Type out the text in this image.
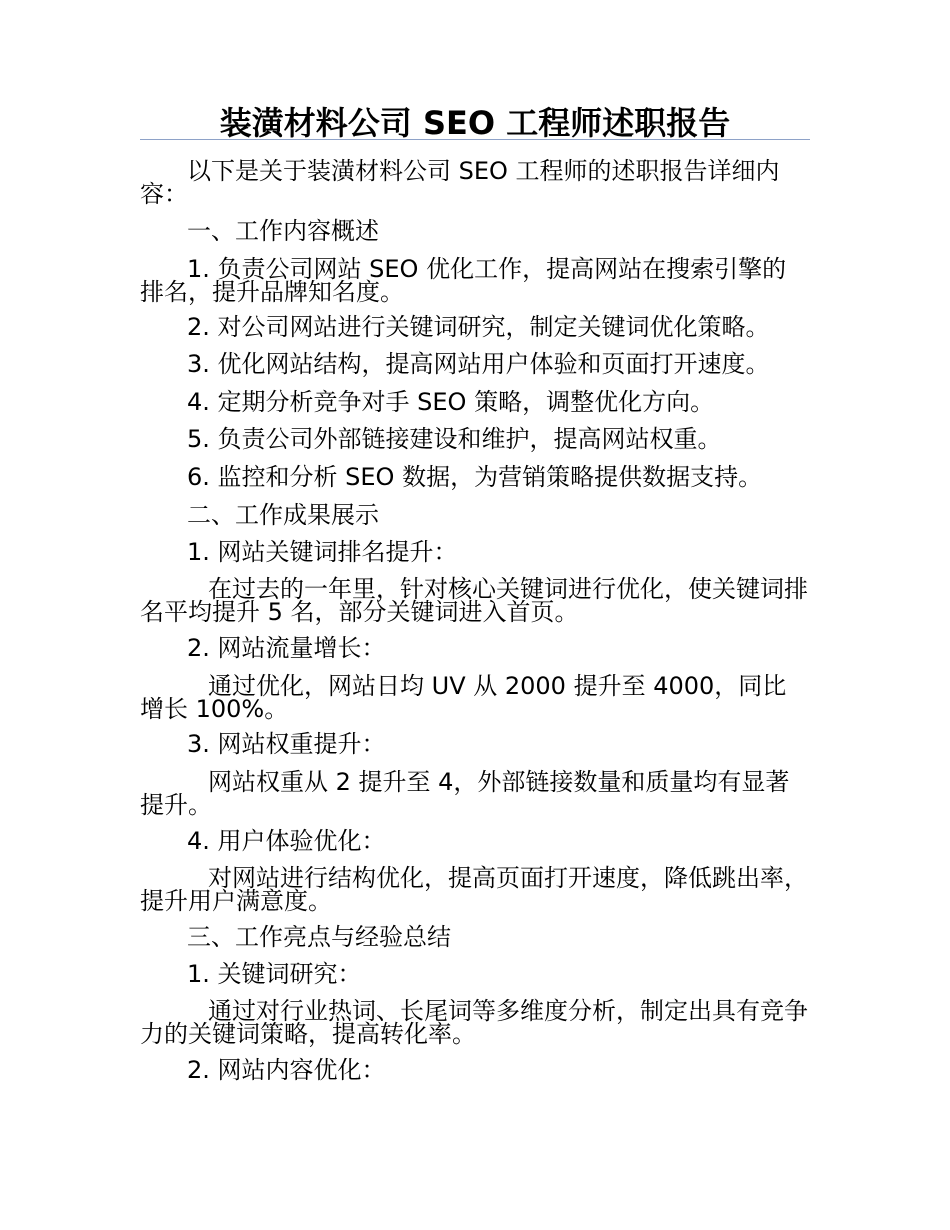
装潢材料公司 SEO 工程师述职报告
以下是关于装潢材料公司 SEO 工程师的述职报告详细内容：
一、工作内容概述
1. 负责公司网站 SEO 优化工作，提高网站在搜索引擎的排名，提升品牌知名度。
2. 对公司网站进行关键词研究，制定关键词优化策略。
3. 优化网站结构，提高网站用户体验和页面打开速度。
4. 定期分析竞争对手 SEO 策略，调整优化方向。
5. 负责公司外部链接建设和维护，提高网站权重。
6. 监控和分析 SEO 数据，为营销策略提供数据支持。
二、工作成果展示
1. 网站关键词排名提升：
在过去的一年里，针对核心关键词进行优化，使关键词排名平均提升 5 名，部分关键词进入首页。
2. 网站流量增长：
通过优化，网站日均 UV 从 2000 提升至 4000，同比增长 100%。
3. 网站权重提升：
网站权重从 2 提升至 4，外部链接数量和质量均有显著提升。
4. 用户体验优化：
对网站进行结构优化，提高页面打开速度，降低跳出率，提升用户满意度。
三、工作亮点与经验总结
1. 关键词研究：
通过对行业热词、长尾词等多维度分析，制定出具有竞争力的关键词策略，提高转化率。
2. 网站内容优化：
